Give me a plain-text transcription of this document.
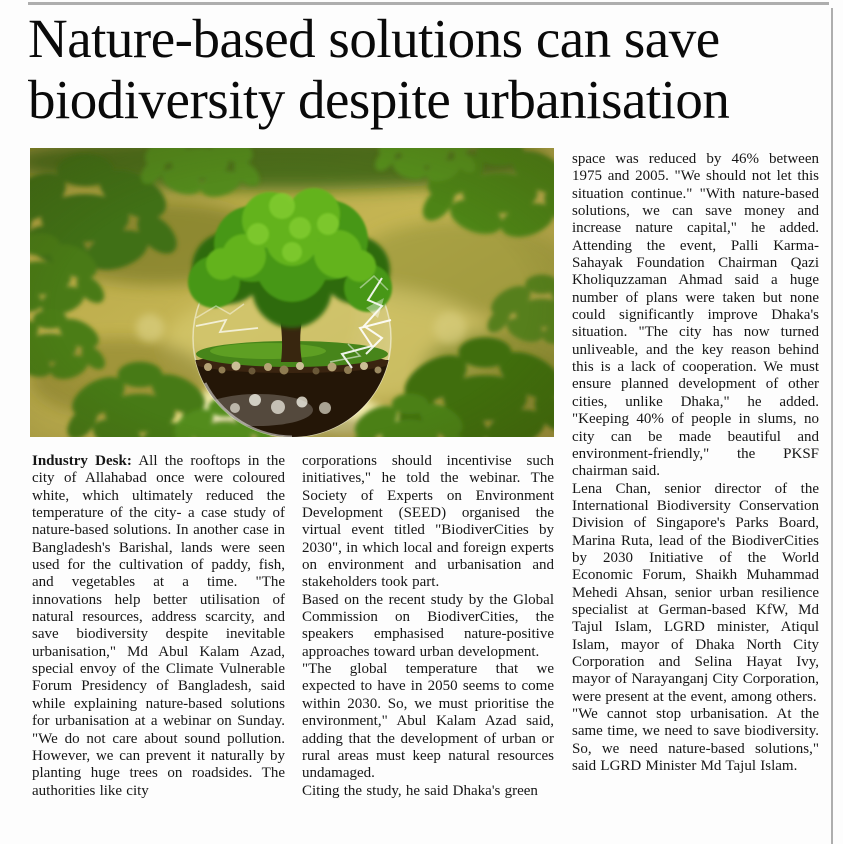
Nature-based solutions can save biodiversity despite urbanisation

Industry Desk: All the rooftops in the city of Allahabad once were coloured white, which ultimately reduced the temperature of the city- a case study of nature-based solutions. In another case in Bangladesh's Barishal, lands were seen used for the cultivation of paddy, fish, and vegetables at a time. "The innovations help better utilisation of natural resources, address scarcity, and save biodiversity despite inevitable urbanisation," Md Abul Kalam Azad, special envoy of the Climate Vulnerable Forum Presidency of Bangladesh, said while explaining nature-based solutions for urbanisation at a webinar on Sunday. "We do not care about sound pollution. However, we can prevent it naturally by planting huge trees on roadsides. The authorities like city

corporations should incentivise such initiatives," he told the webinar. The Society of Experts on Environment Development (SEED) organised the virtual event titled "BiodiverCities by 2030", in which local and foreign experts on environment and urbanisation and stakeholders took part.

Based on the recent study by the Global Commission on BiodiverCities, the speakers emphasised nature-positive approaches toward urban development.

"The global temperature that we expected to have in 2050 seems to come within 2030. So, we must prioritise the environment," Abul Kalam Azad said, adding that the development of urban or rural areas must keep natural resources undamaged.

Citing the study, he said Dhaka's green

space was reduced by 46% between 1975 and 2005. "We should not let this situation continue." "With nature-based solutions, we can save money and increase nature capital," he added. Attending the event, Palli Karma-Sahayak Foundation Chairman Qazi Kholiquzzaman Ahmad said a huge number of plans were taken but none could significantly improve Dhaka's situation. "The city has now turned unliveable, and the key reason behind this is a lack of cooperation. We must ensure planned development of other cities, unlike Dhaka," he added. "Keeping 40% of people in slums, no city can be made beautiful and environment-friendly," the PKSF chairman said.

Lena Chan, senior director of the International Biodiversity Conservation Division of Singapore's Parks Board, Marina Ruta, lead of the BiodiverCities by 2030 Initiative of the World Economic Forum, Shaikh Muhammad Mehedi Ahsan, senior urban resilience specialist at German-based KfW, Md Tajul Islam, LGRD minister, Atiqul Islam, mayor of Dhaka North City Corporation and Selina Hayat Ivy, mayor of Narayanganj City Corporation, were present at the event, among others.

"We cannot stop urbanisation. At the same time, we need to save biodiversity. So, we need nature-based solutions," said LGRD Minister Md Tajul Islam.
